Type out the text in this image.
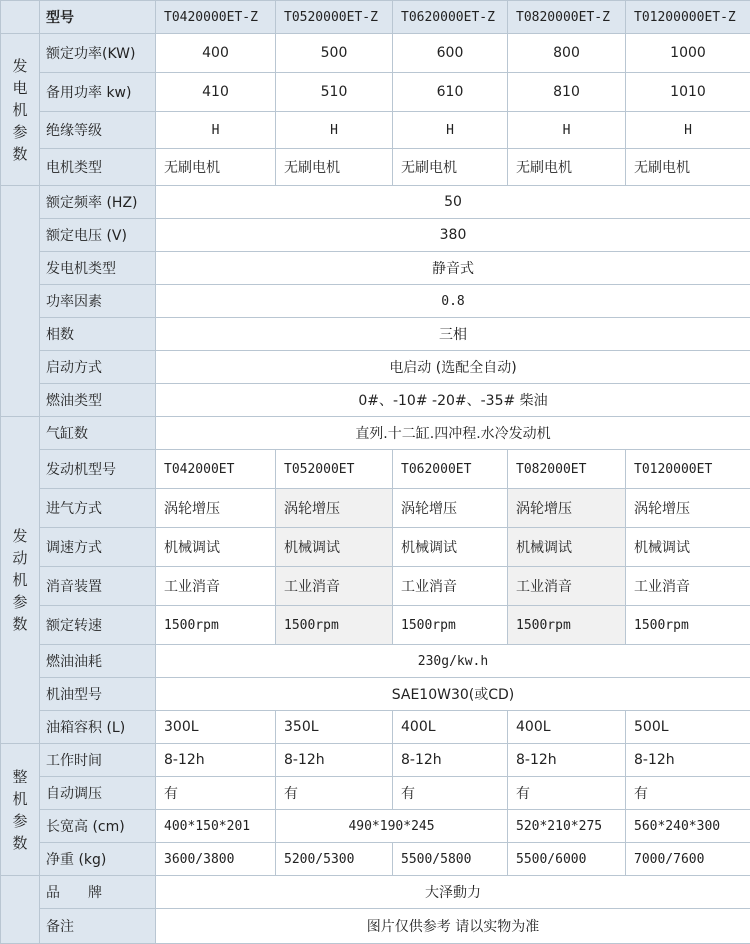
	型号	T0420000ET-Z	T0520000ET-Z	T0620000ET-Z	T0820000ET-Z	T01200000ET-Z
发电机参数	额定功率(KW)	400	500	600	800	1000
	备用功率 kw)	410	510	610	810	1010
	绝缘等级	H	H	H	H	H
	电机类型	无刷电机	无刷电机	无刷电机	无刷电机	无刷电机
	额定频率 (HZ)	50				
	额定电压 (V)	380				
	发电机类型	静音式				
	功率因素	0.8				
	相数	三相				
	启动方式	电启动 (选配全自动)				
	燃油类型	0#、-10# -20#、-35# 柴油				
发动机参数	气缸数	直列.十二缸.四冲程.水冷发动机				
	发动机型号	T042000ET	T052000ET	T062000ET	T082000ET	T0120000ET
	进气方式	涡轮增压	涡轮增压	涡轮增压	涡轮增压	涡轮增压
	调速方式	机械调试	机械调试	机械调试	机械调试	机械调试
	消音装置	工业消音	工业消音	工业消音	工业消音	工业消音
	额定转速	1500rpm	1500rpm	1500rpm	1500rpm	1500rpm
	燃油油耗	230g/kw.h				
	机油型号	SAE10W30(或CD)				
	油箱容积 (L)	300L	350L	400L	400L	500L

整机参数	工作时间	8-12h	8-12h	8-12h	8-12h	8-12h
	自动调压	有	有	有	有	有
	长宽高 (cm)	400*150*201	490*190*245		520*210*275	560*240*300
	净重 (kg)	3600/3800	5200/5300	5500/5800	5500/6000	7000/7600
	品　　牌	大泽動力				
	备注	图片仅供参考 请以实物为准				
